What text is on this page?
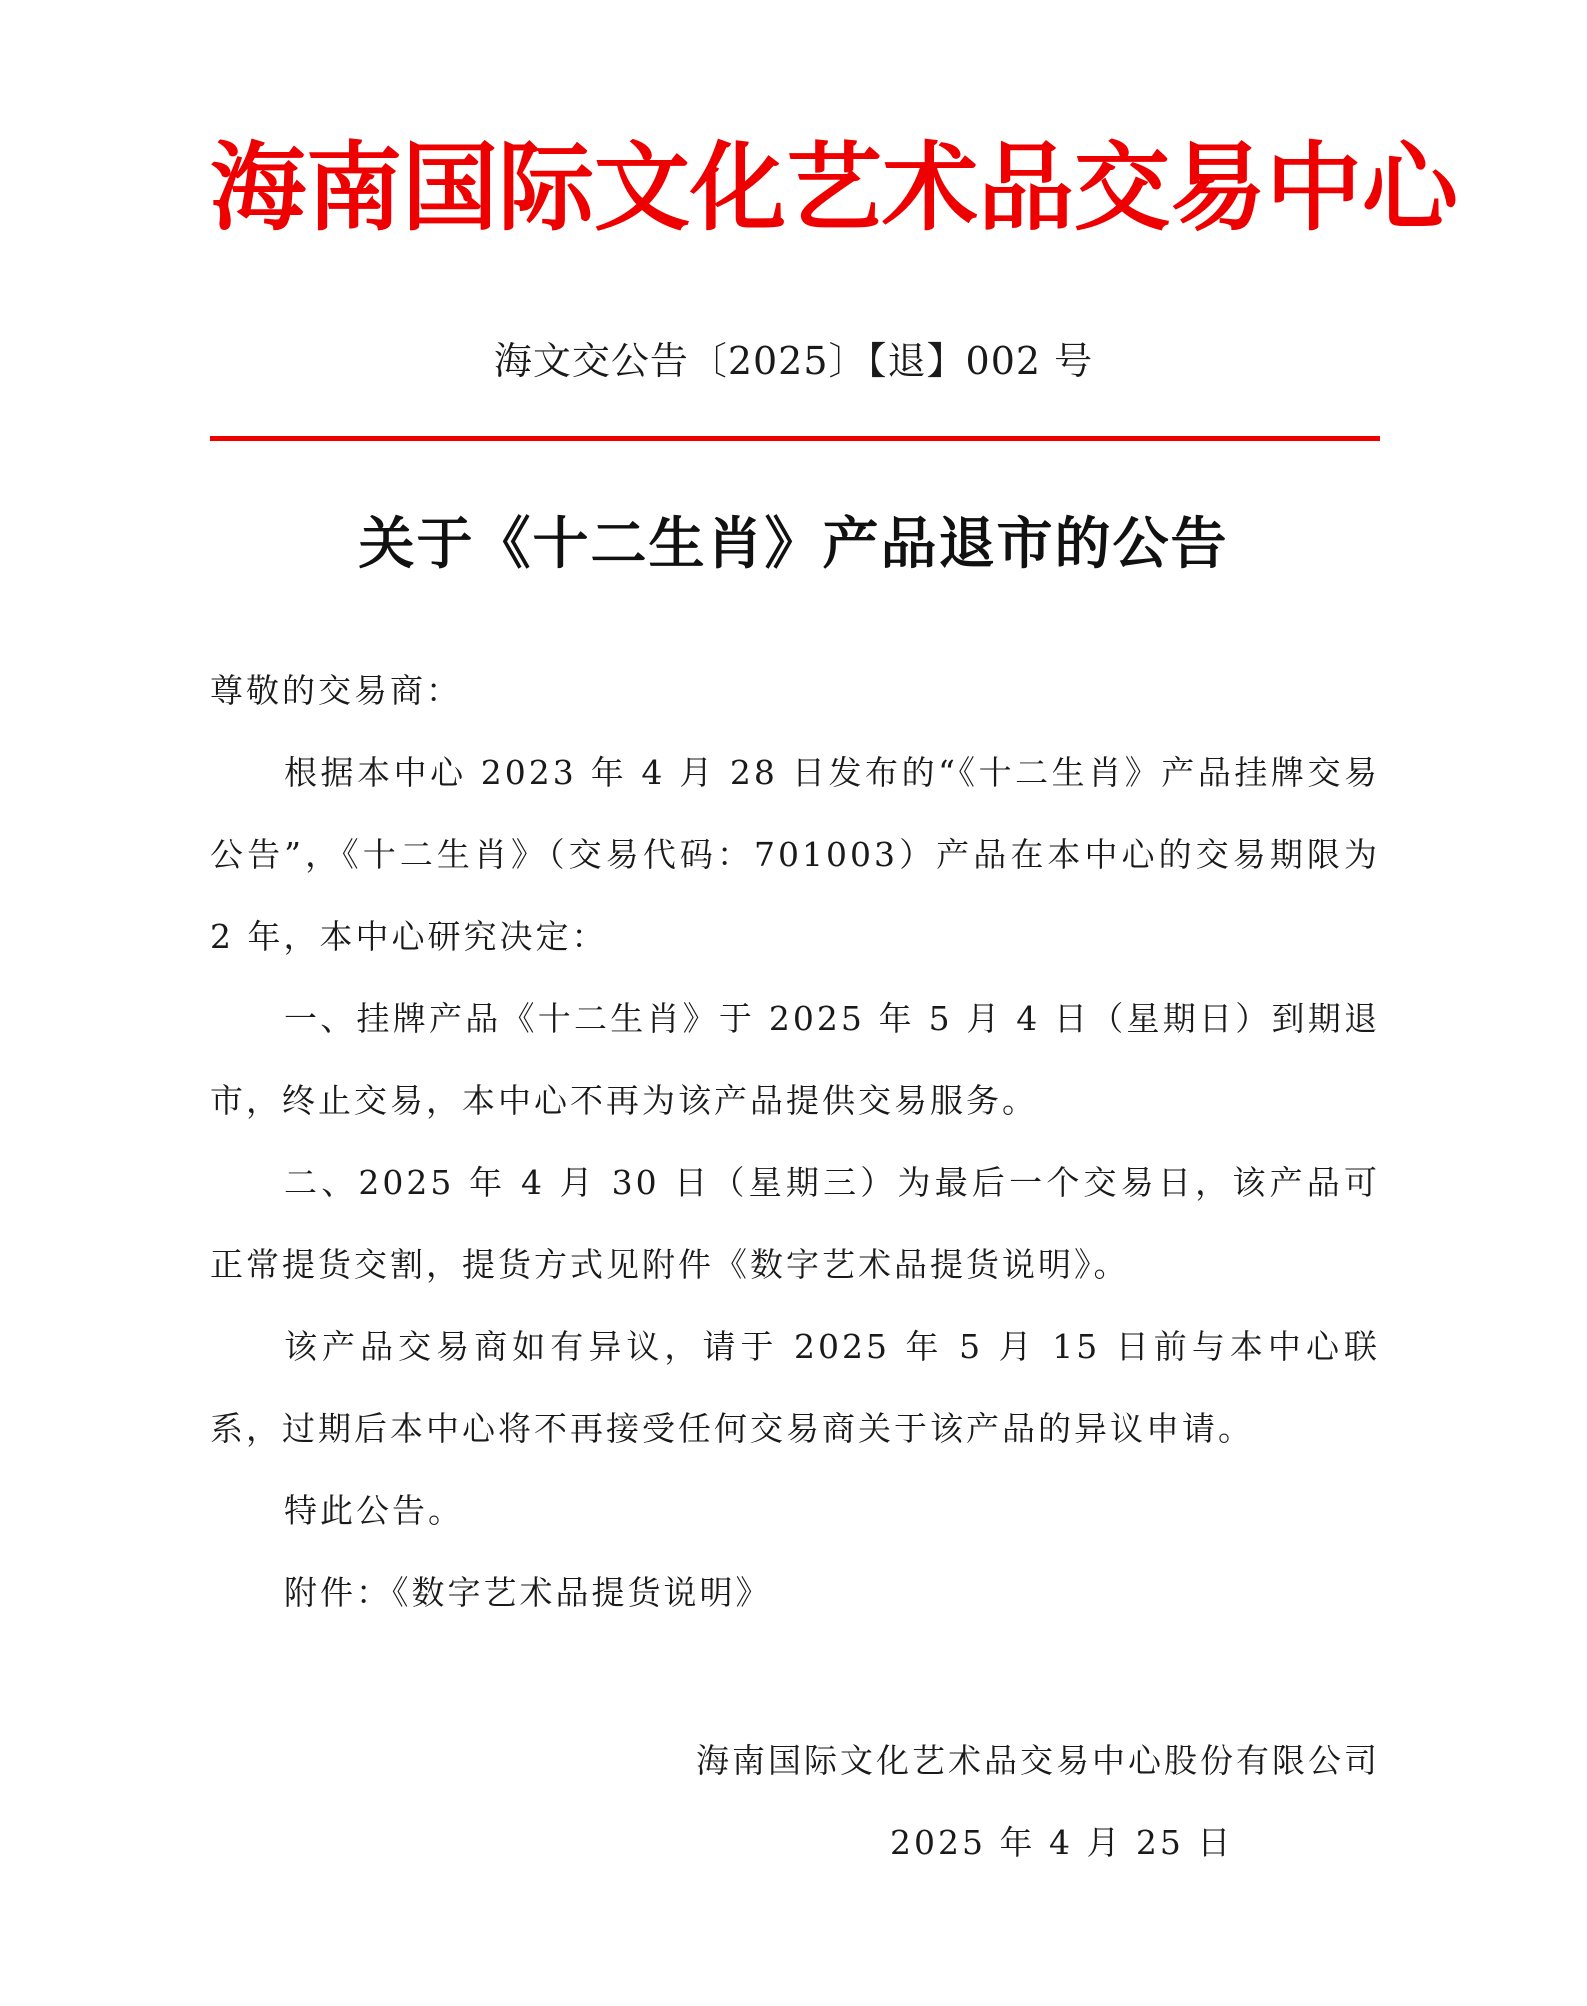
海 南 国 际 文 化 艺 术 品 交 易 中 心
海文交公告〔2025〕【退】002 号
关于《十二生肖》产品退市的公告

尊敬的交易商：

根据本中心 2023 年 4 月 28 日发布的“《十二生肖》产品挂牌交易公告”，《十二生肖》（交易代码：701003）产品在本中心的交易期限为 2 年，本中心研究决定：

一、挂牌产品《十二生肖》于 2025 年 5 月 4 日（星期日）到期退市，终止交易，本中心不再为该产品提供交易服务。

二、2025 年 4 月 30 日（星期三）为最后一个交易日，该产品可正常提货交割，提货方式见附件《数字艺术品提货说明》。

该产品交易商如有异议，请于 2025 年 5 月 15 日前与本中心联系，过期后本中心将不再接受任何交易商关于该产品的异议申请。

特此公告。

附件：《数字艺术品提货说明》

海南国际文化艺术品交易中心股份有限公司
2025 年 4 月 25 日
